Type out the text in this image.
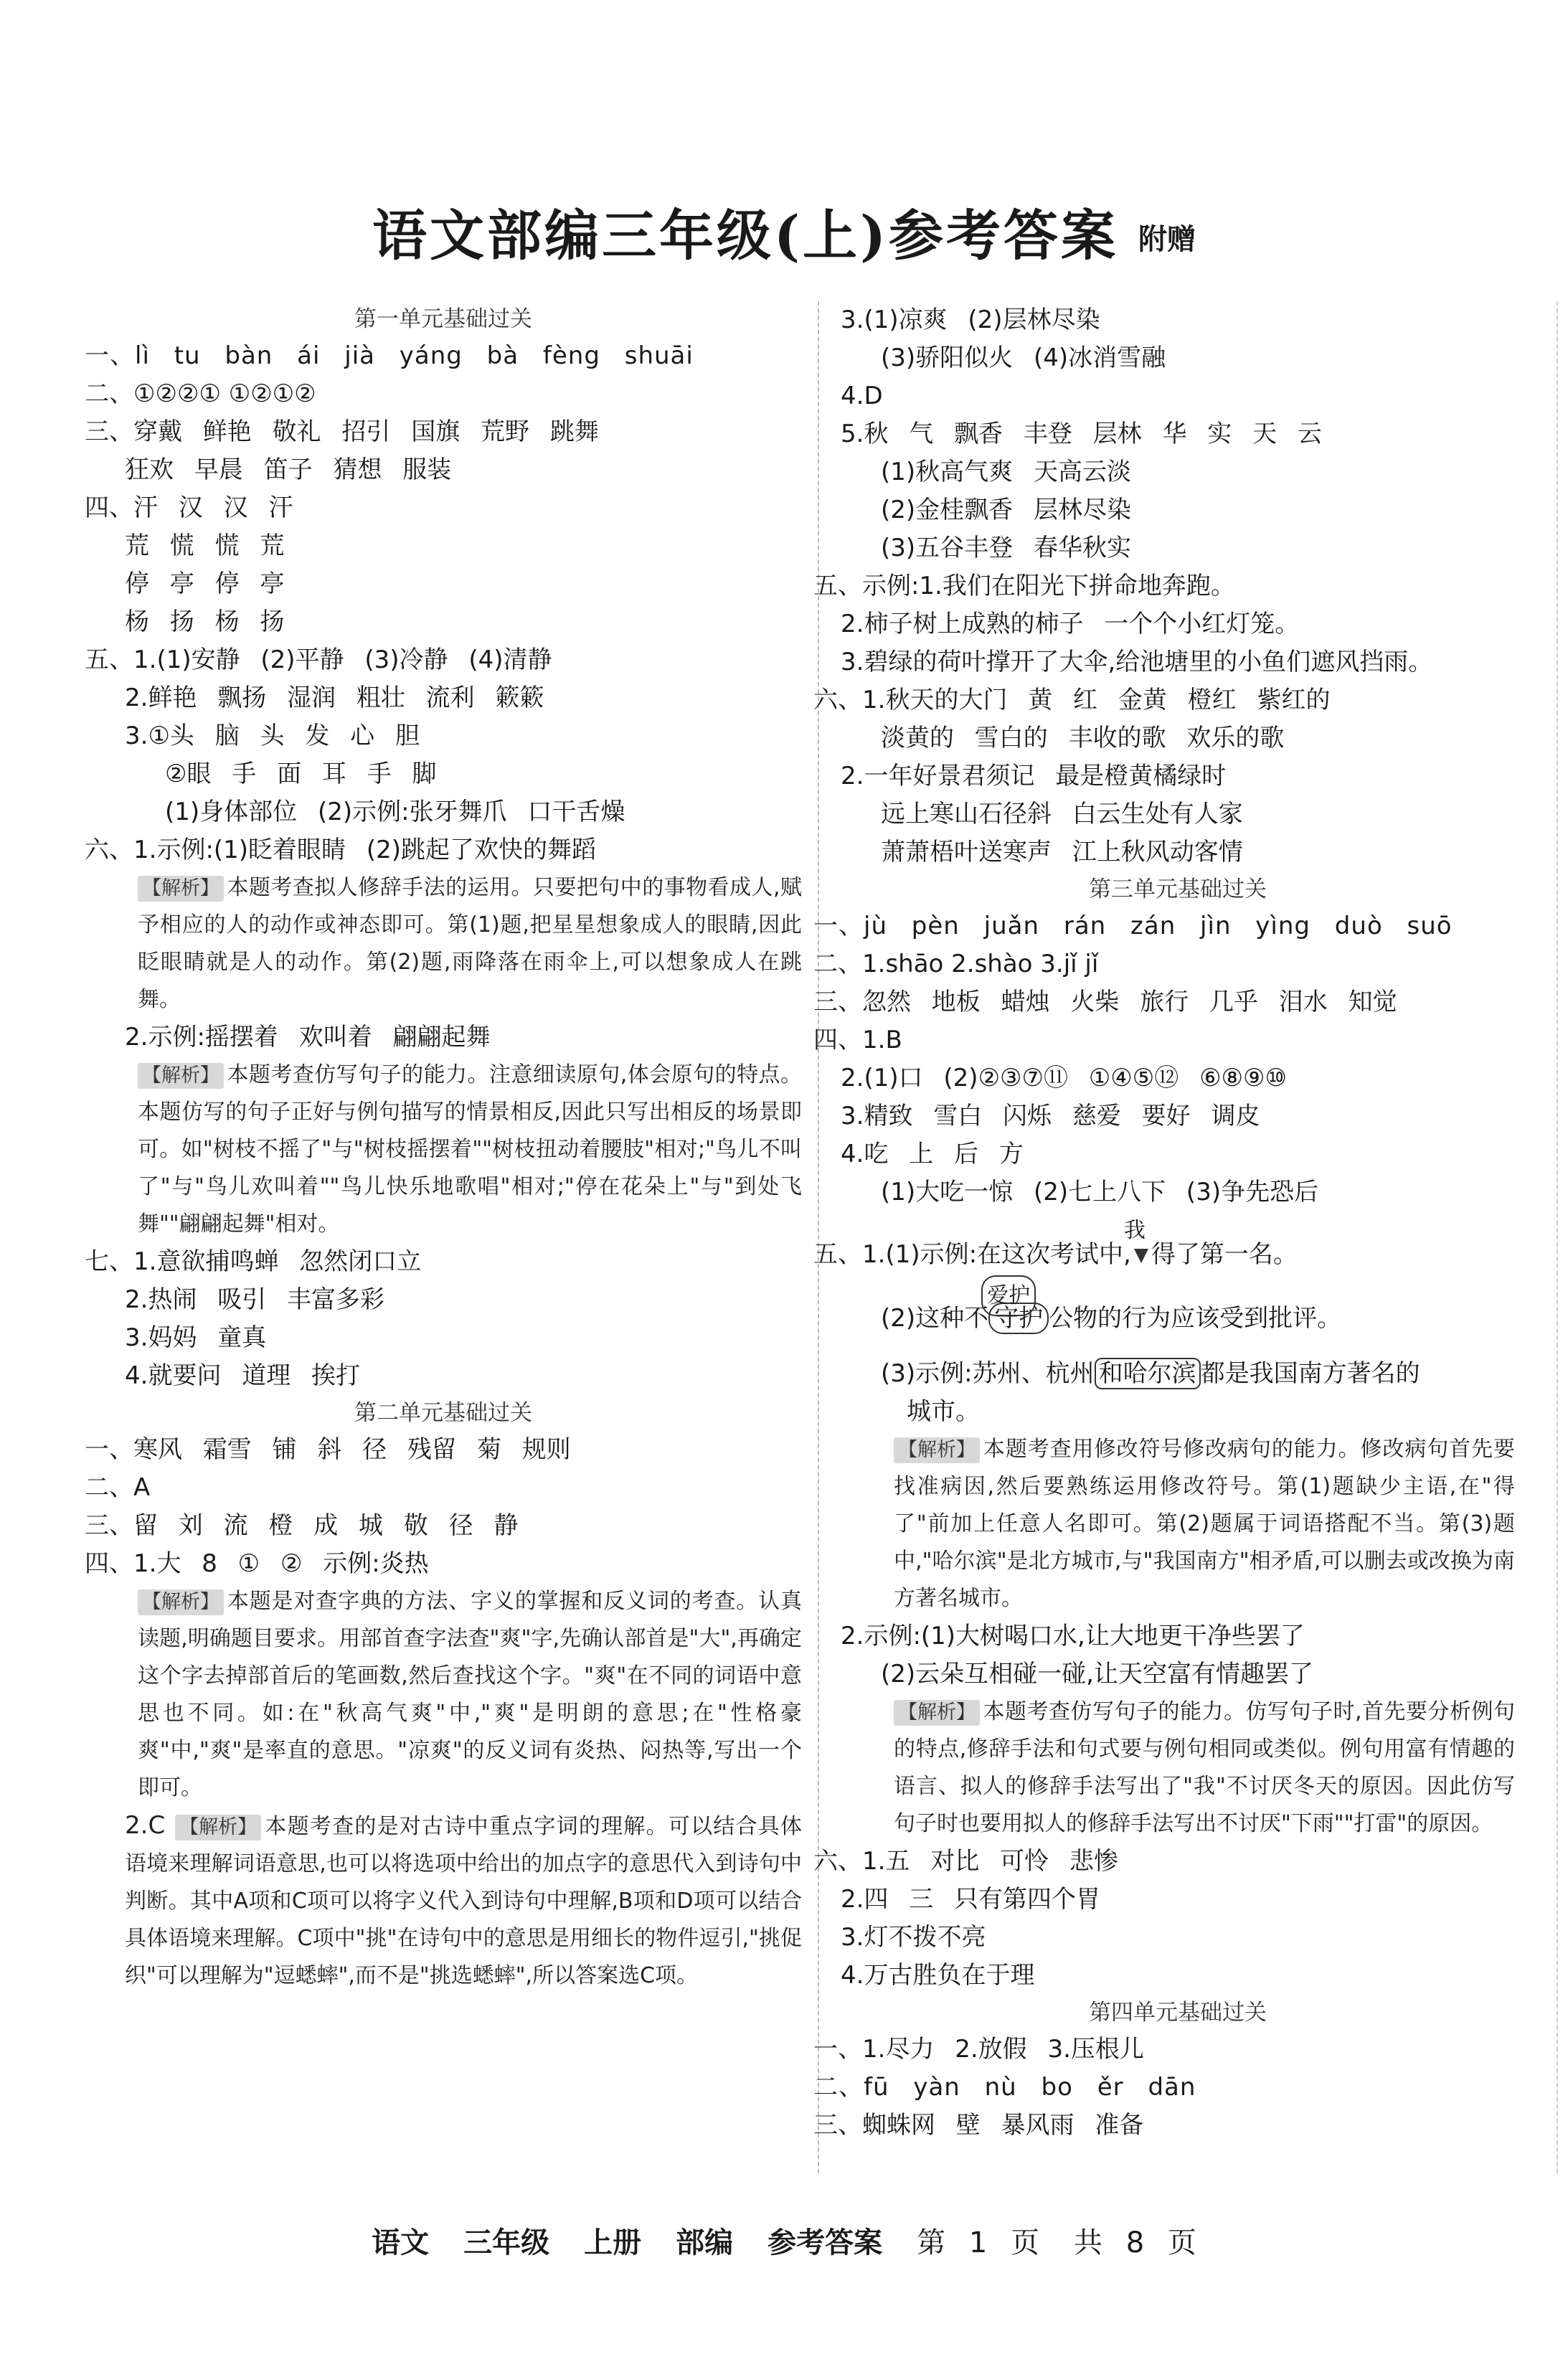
语文部编三年级(上)参考答案 附赠
第一单元基础过关
一、lì tu bàn ái jià yáng bà fèng shuāi
二、①②②① ①②①②
三、穿戴 鲜艳 敬礼 招引 国旗 荒野 跳舞
狂欢 早晨 笛子 猜想 服装
四、汗 汉 汉 汗
荒 慌 慌 荒
停 亭 停 亭
杨 扬 杨 扬
五、1.(1)安静 (2)平静 (3)冷静 (4)清静
2.鲜艳 飘扬 湿润 粗壮 流利 簌簌
3.①头 脑 头 发 心 胆
②眼 手 面 耳 手 脚
(1)身体部位 (2)示例:张牙舞爪 口干舌燥
六、1.示例:(1)眨着眼睛 (2)跳起了欢快的舞蹈
【解析】 本题考查拟人修辞手法的运用。只要把句中的事物看成人,赋予相应的人的动作或神态即可。第(1)题,把星星想象成人的眼睛,因此眨眼睛就是人的动作。第(2)题,雨降落在雨伞上,可以想象成人在跳舞。
2.示例:摇摆着 欢叫着 翩翩起舞
【解析】 本题考查仿写句子的能力。注意细读原句,体会原句的特点。本题仿写的句子正好与例句描写的情景相反,因此只写出相反的场景即可。如"树枝不摇了"与"树枝摇摆着""树枝扭动着腰肢"相对;"鸟儿不叫了"与"鸟儿欢叫着""鸟儿快乐地歌唱"相对;"停在花朵上"与"到处飞舞""翩翩起舞"相对。
七、1.意欲捕鸣蝉 忽然闭口立
2.热闹 吸引 丰富多彩
3.妈妈 童真
4.就要问 道理 挨打
第二单元基础过关
一、寒风 霜雪 铺 斜 径 残留 菊 规则
二、A
三、留 刘 流 橙 成 城 敬 径 静
四、1.大 8 ① ② 示例:炎热
【解析】 本题是对查字典的方法、字义的掌握和反义词的考查。认真读题,明确题目要求。用部首查字法查"爽"字,先确认部首是"大",再确定这个字去掉部首后的笔画数,然后查找这个字。"爽"在不同的词语中意思也不同。如:在"秋高气爽"中,"爽"是明朗的意思;在"性格豪爽"中,"爽"是率直的意思。"凉爽"的反义词有炎热、闷热等,写出一个即可。
2.C 【解析】 本题考查的是对古诗中重点字词的理解。可以结合具体语境来理解词语意思,也可以将选项中给出的加点字的意思代入到诗句中判断。其中A项和C项可以将字义代入到诗句中理解,B项和D项可以结合具体语境来理解。C项中"挑"在诗句中的意思是用细长的物件逗引,"挑促织"可以理解为"逗蟋蟀",而不是"挑选蟋蟀",所以答案选C项。
3.(1)凉爽 (2)层林尽染
(3)骄阳似火 (4)冰消雪融
4.D
5.秋 气 飘香 丰登 层林 华 实 天 云
(1)秋高气爽 天高云淡
(2)金桂飘香 层林尽染
(3)五谷丰登 春华秋实
五、示例:1.我们在阳光下拼命地奔跑。
2.柿子树上成熟的柿子 一个个小红灯笼。
3.碧绿的荷叶撑开了大伞,给池塘里的小鱼们遮风挡雨。
六、1.秋天的大门 黄 红 金黄 橙红 紫红的
淡黄的 雪白的 丰收的歌 欢乐的歌
2.一年好景君须记 最是橙黄橘绿时
远上寒山石径斜 白云生处有人家
萧萧梧叶送寒声 江上秋风动客情
第三单元基础过关
一、jù pèn juǎn rán zán jìn yìng duò suō
二、1.shāo 2.shào 3.jǐ jǐ
三、忽然 地板 蜡烛 火柴 旅行 几乎 泪水 知觉
四、1.B
2.(1)口 (2)②③⑦⑪ ①④⑤⑫ ⑥⑧⑨⑩
3.精致 雪白 闪烁 慈爱 要好 调皮
4.吃 上 后 方
(1)大吃一惊 (2)七上八下 (3)争先恐后
五、1.(1)示例:在这次考试中,
我
得了第一名。
(2)这种不
爱护
守护 公物的行为应该受到批评。
(3)示例:苏州、杭州 和哈尔滨 都是我国南方著名的
城市。
【解析】 本题考查用修改符号修改病句的能力。修改病句首先要找准病因,然后要熟练运用修改符号。第(1)题缺少主语,在"得了"前加上任意人名即可。第(2)题属于词语搭配不当。第(3)题中,"哈尔滨"是北方城市,与"我国南方"相矛盾,可以删去或改换为南方著名城市。
2.示例:(1)大树喝口水,让大地更干净些罢了
(2)云朵互相碰一碰,让天空富有情趣罢了
【解析】 本题考查仿写句子的能力。仿写句子时,首先要分析例句的特点,修辞手法和句式要与例句相同或类似。例句用富有情趣的语言、拟人的修辞手法写出了"我"不讨厌冬天的原因。因此仿写句子时也要用拟人的修辞手法写出不讨厌"下雨""打雷"的原因。
六、1.五 对比 可怜 悲惨
2.四 三 只有第四个胃
3.灯不拨不亮
4.万古胜负在于理
第四单元基础过关
一、1.尽力 2.放假 3.压根儿
二、fū yàn nù bo ěr dān
三、蜘蛛网 壁 暴风雨 准备
语文 三年级 上册 部编 参考答案 第 1 页 共 8 页
